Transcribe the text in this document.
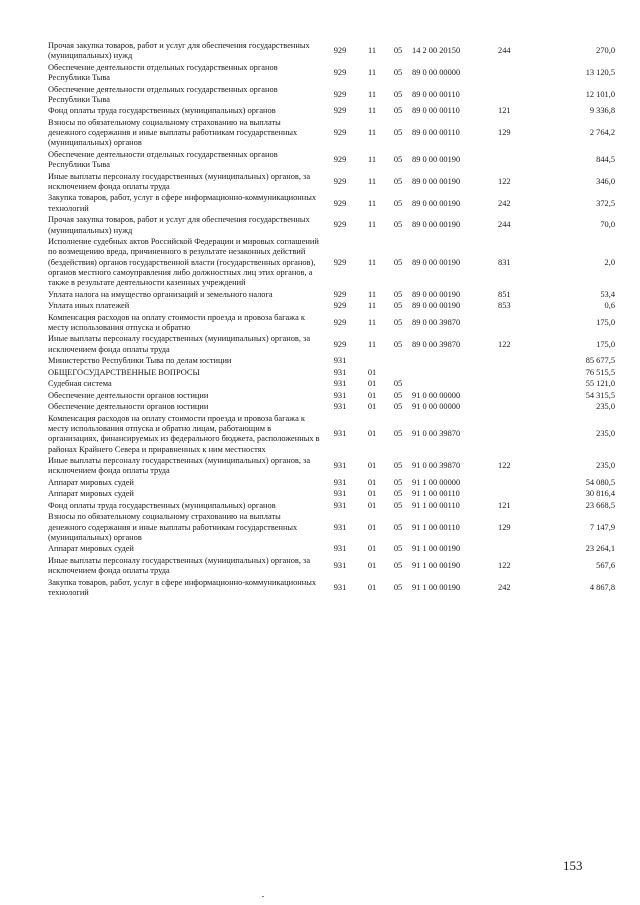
Прочая закупка товаров, работ и услуг для обеспечения государственных (муниципальных) нужд	929	11	05	14 2 00 20150	244	270,0
Обеспечение деятельности отдельных государственных органов Республики Тыва	929	11	05	89 0 00 00000		13 120,5
Обеспечение деятельности отдельных государственных органов Республики Тыва	929	11	05	89 0 00 00110		12 101,0
Фонд оплаты труда государственных (муниципальных) органов	929	11	05	89 0 00 00110	121	9 336,8
Взносы по обязательному социальному страхованию на выплаты денежного содержания и иные выплаты работникам государственных (муниципальных) органов	929	11	05	89 0 00 00110	129	2 764,2
Обеспечение деятельности отдельных государственных органов Республики Тыва	929	11	05	89 0 00 00190		844,5
Иные выплаты персоналу государственных (муниципальных) органов, за исключением фонда оплаты труда	929	11	05	89 0 00 00190	122	346,0
Закупка товаров, работ, услуг в сфере информационно-коммуникационных технологий	929	11	05	89 0 00 00190	242	372,5
Прочая закупка товаров, работ и услуг для обеспечения государственных (муниципальных) нужд	929	11	05	89 0 00 00190	244	70,0
Исполнение судебных актов Российской Федерации и мировых соглашений по возмещению вреда, причиненного в результате незаконных действий (бездействия) органов государственной власти (государственных органов), органов местного самоуправления либо должностных лиц этих органов, а также в результате деятельности казенных учреждений	929	11	05	89 0 00 00190	831	2,0
Уплата налога на имущество организаций и земельного налога	929	11	05	89 0 00 00190	851	53,4
Уплата иных платежей	929	11	05	89 0 00 00190	853	0,6
Компенсация расходов на оплату стоимости проезда и провоза багажа к месту использования отпуска и обратно	929	11	05	89 0 00 39870		175,0
Иные выплаты персоналу государственных (муниципальных) органов, за исключением фонда оплаты труда	929	11	05	89 0 00 39870	122	175,0
Министерство Республики Тыва по делам юстиции	931					85 677,5
ОБЩЕГОСУДАРСТВЕННЫЕ ВОПРОСЫ	931	01				76 515,5
Судебная система	931	01	05			55 121,0
Обеспечение деятельности органов юстиции	931	01	05	91 0 00 00000		54 315,5
Обеспечение деятельности органов юстиции	931	01	05	91 0 00 00000		235,0
Компенсация расходов на оплату стоимости проезда и провоза багажа к месту использования отпуска и обратно лицам, работающим в организациях, финансируемых из федерального бюджета, расположенных в районах Крайнего Севера и приравненных к ним местностях	931	01	05	91 0 00 39870		235,0
Иные выплаты персоналу государственных (муниципальных) органов, за исключением фонда оплаты труда	931	01	05	91 0 00 39870	122	235,0
Аппарат мировых судей	931	01	05	91 1 00 00000		54 080,5
Аппарат мировых судей	931	01	05	91 1 00 00110		30 816,4
Фонд оплаты труда государственных (муниципальных) органов	931	01	05	91 1 00 00110	121	23 668,5
Взносы по обязательному социальному страхованию на выплаты денежного содержания и иные выплаты работникам государственных (муниципальных) органов	931	01	05	91 1 00 00110	129	7 147,9
Аппарат мировых судей	931	01	05	91 1 00 00190		23 264,1
Иные выплаты персоналу государственных (муниципальных) органов, за исключением фонда оплаты труда	931	01	05	91 1 00 00190	122	567,6
Закупка товаров, работ, услуг в сфере информационно-коммуникационных технологий	931	01	05	91 1 00 00190	242	4 867,8
153
